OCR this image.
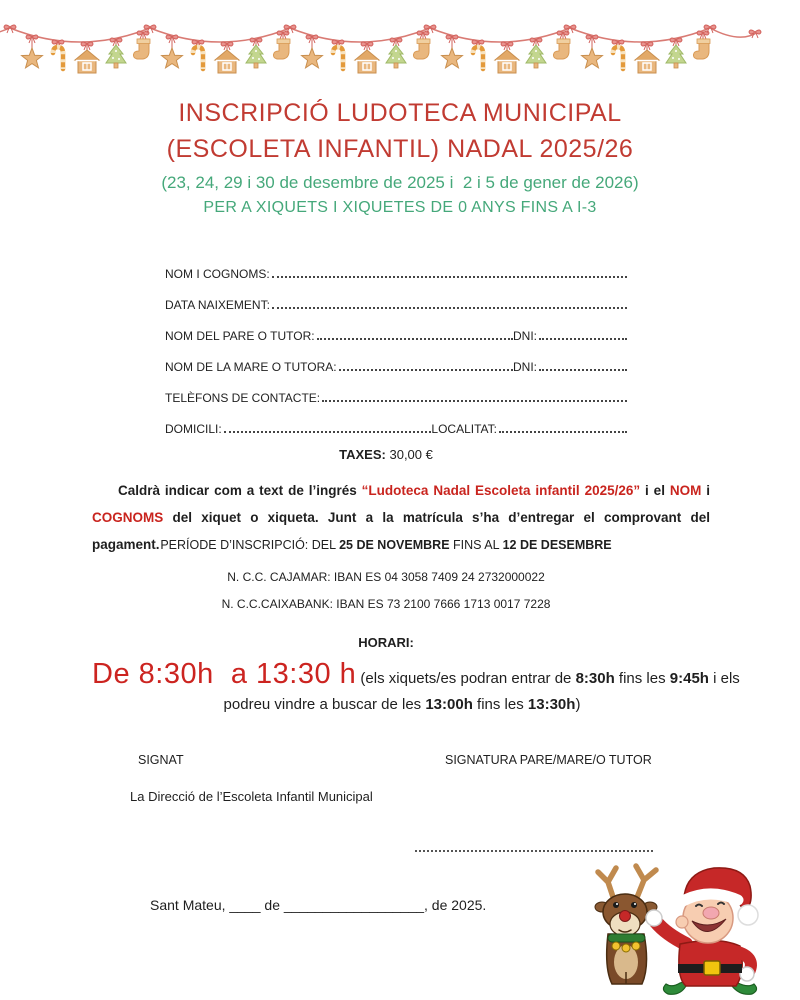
INSCRIPCIÓ LUDOTECA MUNICIPAL
(ESCOLETA INFANTIL) NADAL 2025/26
(23, 24, 29 i 30 de desembre de 2025 i  2 i 5 de gener de 2026)
PER A XIQUETS I XIQUETES DE 0 ANYS FINS A I-3
NOM I COGNOMS:
DATA NAIXEMENT:
NOM DEL PARE O TUTOR:	DNI:
NOM DE LA MARE O TUTORA:	DNI:
TELÈFONS DE CONTACTE:
DOMICILI:	LOCALITAT:
TAXES: 30,00 €
Caldrà indicar com a text de l’ingrés “Ludoteca Nadal Escoleta infantil 2025/26” i el NOM i COGNOMS del xiquet o xiqueta. Junt a la matrícula s’ha d’entregar el comprovant del pagament. PERÍODE D’INSCRIPCIÓ: DEL 25 DE NOVEMBRE FINS AL 12 DE DESEMBRE
N. C.C. CAJAMAR: IBAN ES 04 3058 7409 24 2732000022
N. C.C.CAIXABANK: IBAN ES 73 2100 7666 1713 0017 7228
HORARI:
De 8:30h  a 13:30 h (els xiquets/es podran entrar de 8:30h fins les 9:45h i els
podreu vindre a buscar de les 13:00h fins les 13:30h)
SIGNAT	SIGNATURA PARE/MARE/O TUTOR
La Direcció de l’Escoleta Infantil Municipal
Sant Mateu, ____ de __________________, de 2025.
